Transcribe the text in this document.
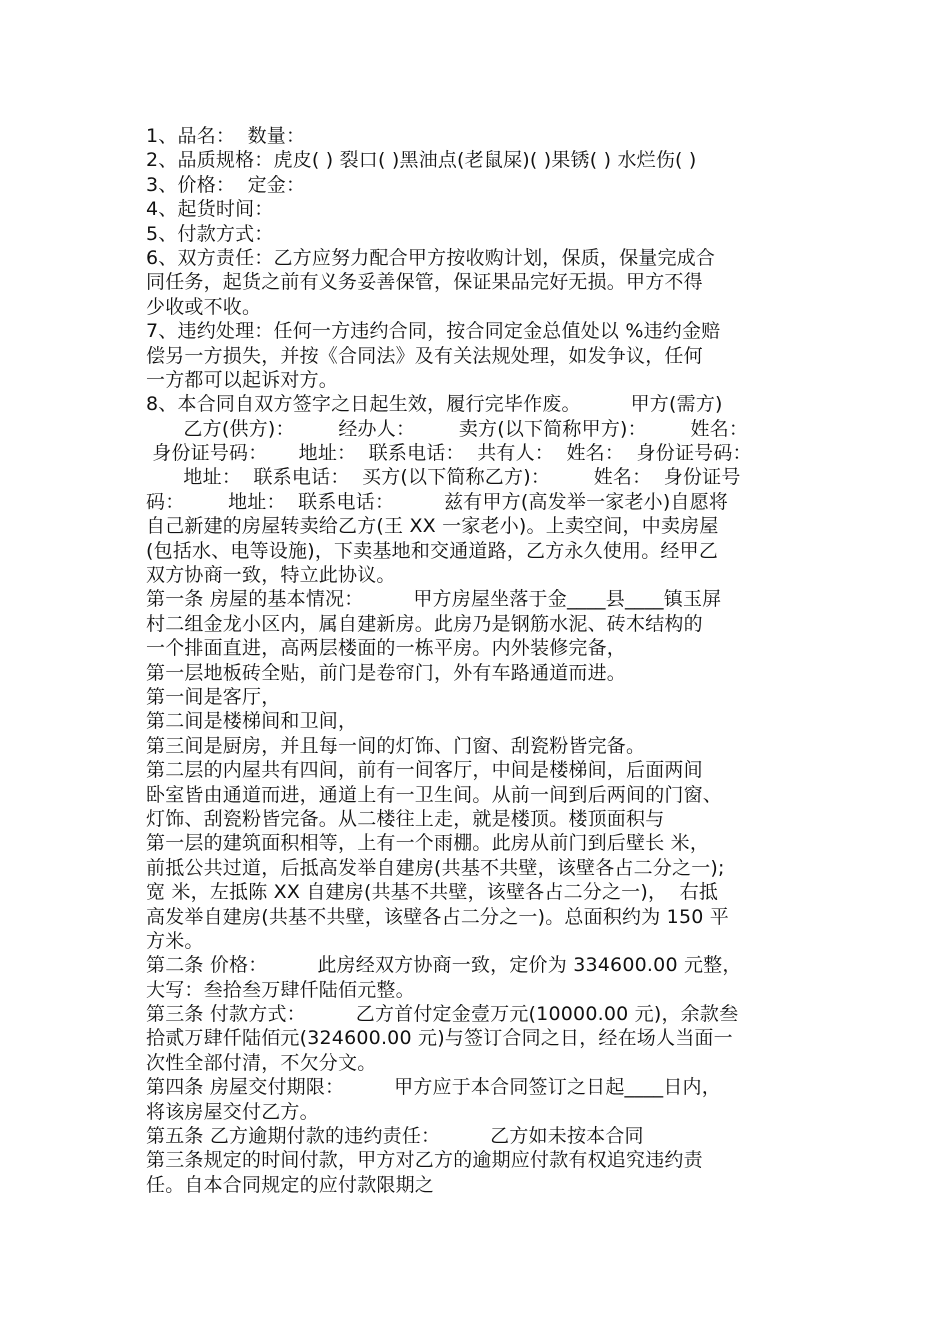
1、品名：  数量：
2、品质规格：虎皮( ) 裂口( )黑油点(老鼠屎)( )果锈( ) 水烂伤( )
3、价格：  定金：
4、起货时间：
5、付款方式：
6、双方责任：乙方应努力配合甲方按收购计划，保质，保量完成合
同任务，起货之前有义务妥善保管，保证果品完好无损。甲方不得
少收或不收。
7、违约处理：任何一方违约合同，按合同定金总值处以 %违约金赔
偿另一方损失，并按《合同法》及有关法规处理，如发争议，任何
一方都可以起诉对方。
8、本合同自双方签字之日起生效，履行完毕作废。        甲方(需方)
乙方(供方)：       经办人：       卖方(以下简称甲方)：       姓名：
身份证号码：     地址：  联系电话：  共有人：  姓名：  身份证号码：
地址：  联系电话：  买方(以下简称乙方)：       姓名：  身份证号
码：       地址：  联系电话：        兹有甲方(高发举一家老小)自愿将
自己新建的房屋转卖给乙方(王 XX 一家老小)。上卖空间，中卖房屋
(包括水、电等设施)，下卖基地和交通道路，乙方永久使用。经甲乙
双方协商一致，特立此协议。
第一条 房屋的基本情况：        甲方房屋坐落于金____县____镇玉屏
村二组金龙小区内，属自建新房。此房乃是钢筋水泥、砖木结构的
一个排面直进，高两层楼面的一栋平房。内外装修完备，
第一层地板砖全贴，前门是卷帘门，外有车路通道而进。
第一间是客厅，
第二间是楼梯间和卫间，
第三间是厨房，并且每一间的灯饰、门窗、刮瓷粉皆完备。
第二层的内屋共有四间，前有一间客厅，中间是楼梯间，后面两间
卧室皆由通道而进，通道上有一卫生间。从前一间到后两间的门窗、
灯饰、刮瓷粉皆完备。从二楼往上走，就是楼顶。楼顶面积与
第一层的建筑面积相等，上有一个雨棚。此房从前门到后壁长 米，
前抵公共过道，后抵高发举自建房(共基不共壁，该壁各占二分之一);
宽 米，左抵陈 XX 自建房(共基不共壁，该壁各占二分之一)，  右抵
高发举自建房(共基不共壁，该壁各占二分之一)。总面积约为 150 平
方米。
第二条 价格：        此房经双方协商一致，定价为 334600.00 元整，
大写：叁拾叁万肆仟陆佰元整。
第三条 付款方式：        乙方首付定金壹万元(10000.00 元)，余款叁
拾贰万肆仟陆佰元(324600.00 元)与签订合同之日，经在场人当面一
次性全部付清，不欠分文。
第四条 房屋交付期限：        甲方应于本合同签订之日起____日内，
将该房屋交付乙方。
第五条 乙方逾期付款的违约责任：        乙方如未按本合同
第三条规定的时间付款，甲方对乙方的逾期应付款有权追究违约责
任。自本合同规定的应付款限期之
